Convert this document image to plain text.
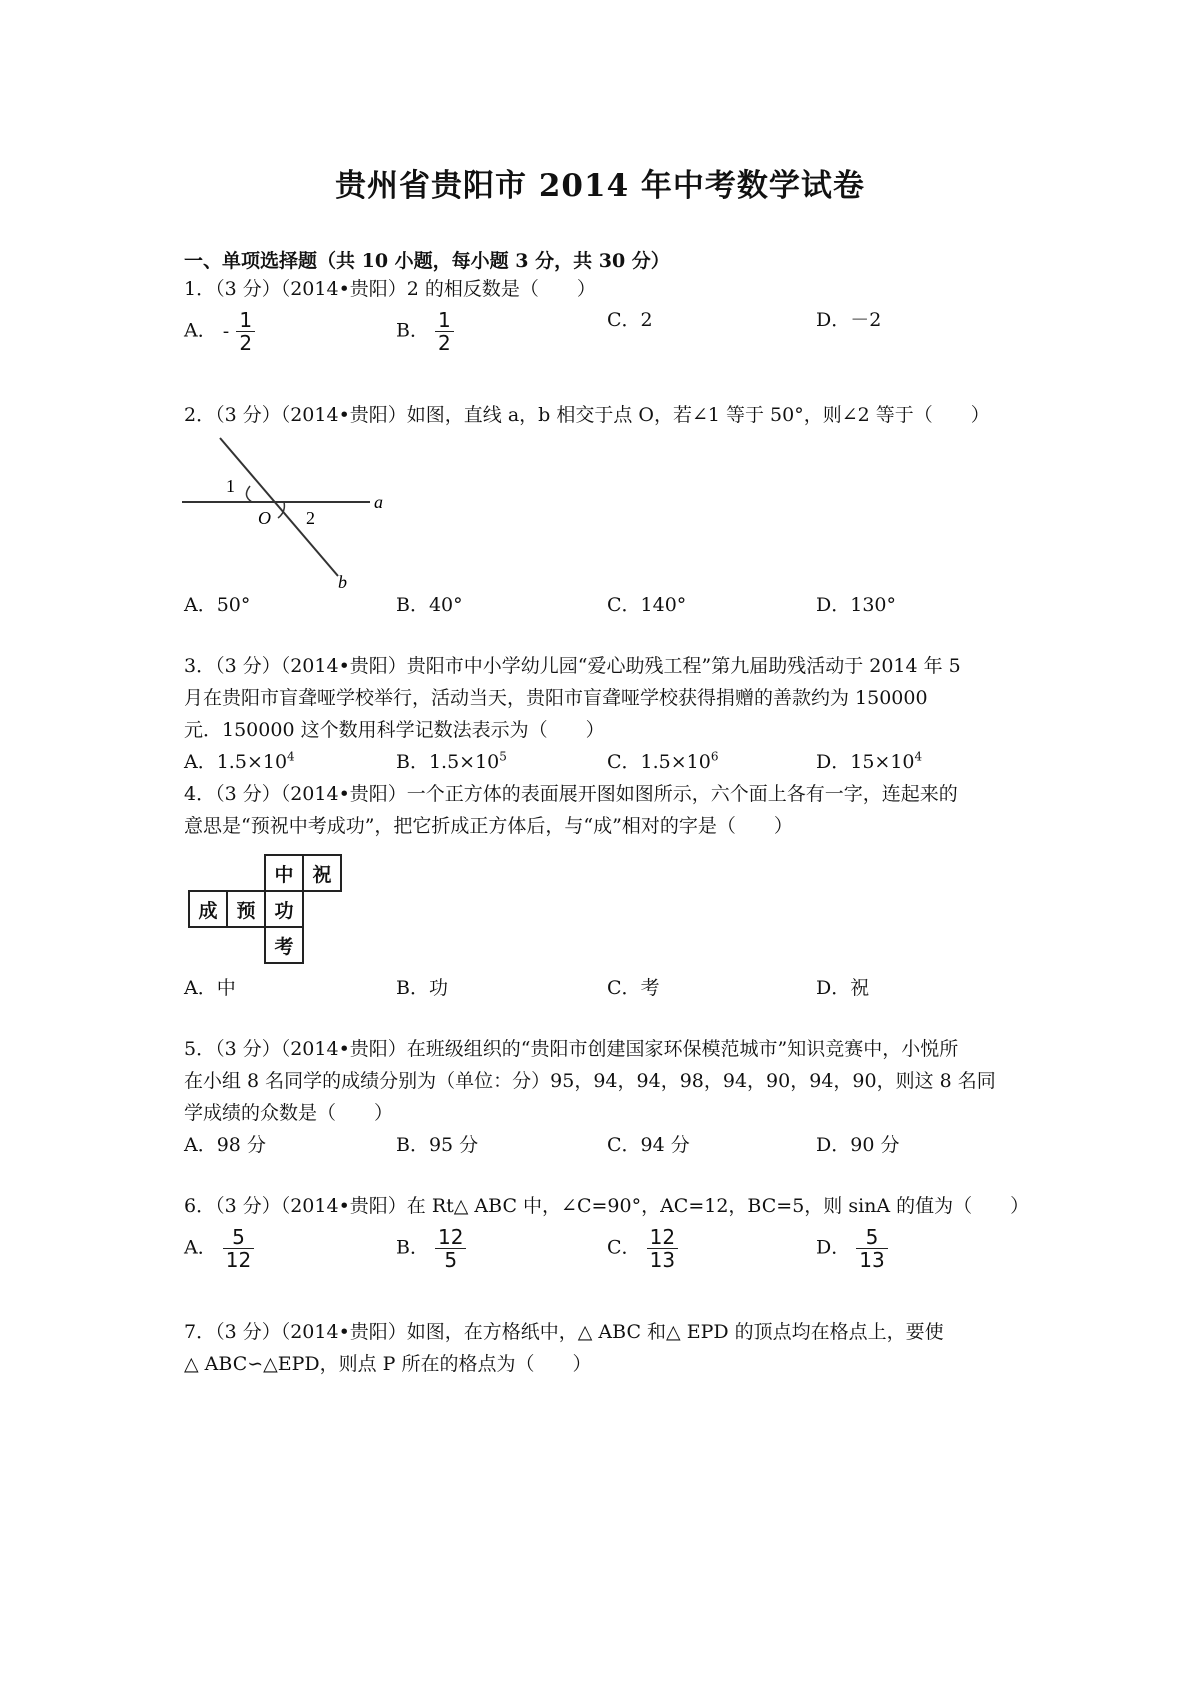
贵州省贵阳市 2014 年中考数学试卷
一、单项选择题（共 10 小题，每小题 3 分，共 30 分）
1．（3 分）（2014•贵阳）2 的相反数是（　　）
A． - $\frac{1}{2}$	B． $\frac{1}{2}$	C．2	D．－2
2．（3 分）（2014•贵阳）如图，直线 a，b 相交于点 O，若∠1 等于 50°，则∠2 等于（　　）
1
O 2
a
b
A．50°	B．40°	C．140°	D．130°
3．（3 分）（2014•贵阳）贵阳市中小学幼儿园“爱心助残工程”第九届助残活动于 2014 年 5
月在贵阳市盲聋哑学校举行，活动当天，贵阳市盲聋哑学校获得捐赠的善款约为 150000
元．150000 这个数用科学记数法表示为（　　）
A．$1.5\times 10^4$	B．$1.5\times 10^5$	C．$1.5\times 10^6$	D．$15\times 10^4$
4．（3 分）（2014•贵阳）一个正方体的表面展开图如图所示，六个面上各有一字，连起来的
意思是“预祝中考成功”，把它折成正方体后，与“成”相对的字是（　　）
中 祝
成 预 功
考
A．中	B．功	C．考	D．祝
5．（3 分）（2014•贵阳）在班级组织的“贵阳市创建国家环保模范城市”知识竞赛中，小悦所
在小组 8 名同学的成绩分别为（单位：分）95，94，94，98，94，90，94，90，则这 8 名同
学成绩的众数是（　　）
A．98 分	B．95 分	C．94 分	D．90 分
6．（3 分）（2014•贵阳）在 Rt△ ABC 中，∠C=90°，AC=12，BC=5，则 sinA 的值为（　　）
A． $\frac{5}{12}$	B． $\frac{12}{5}$	C． $\frac{12}{13}$	D． $\frac{5}{13}$
7．（3 分）（2014•贵阳）如图，在方格纸中，△ ABC 和△ EPD 的顶点均在格点上，要使
△ ABC∽△EPD，则点 P 所在的格点为（　　）
